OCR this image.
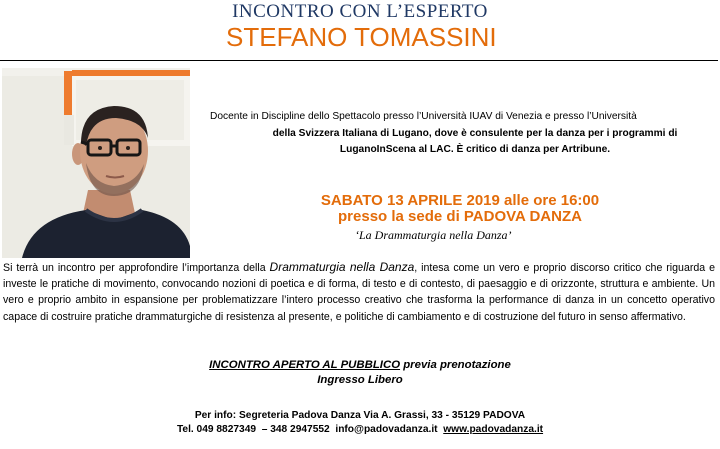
INCONTRO CON L’ESPERTO
STEFANO TOMASSINI
Docente in Discipline dello Spettacolo presso l’Università IUAV di Venezia e presso l’Università
della Svizzera Italiana di Lugano, dove è consulente per la danza per i programmi di
LuganoInScena al LAC. È critico di danza per Artribune.
SABATO 13 APRILE 2019 alle ore 16:00
presso la sede di PADOVA DANZA
‘La Drammaturgia nella Danza’

Si terrà un incontro per approfondire l’importanza della Drammaturgia nella Danza, intesa come un vero e proprio discorso critico che riguarda e investe le pratiche di movimento, convocando nozioni di poetica e di forma, di testo e di contesto, di paesaggio e di orizzonte, struttura e ambiente. Un vero e proprio ambito in espansione per problematizzare l’intero processo creativo che trasforma la performance di danza in un concetto operativo capace di costruire pratiche drammaturgiche di resistenza al presente, e politiche di cambiamento e di costruzione del futuro in senso affermativo.

INCONTRO APERTO AL PUBBLICO previa prenotazione
Ingresso Libero
Per info: Segreteria Padova Danza Via A. Grassi, 33 - 35129 PADOVA
Tel. 049 8827349  – 348 2947552  info@padovadanza.it www.padovadanza.it
